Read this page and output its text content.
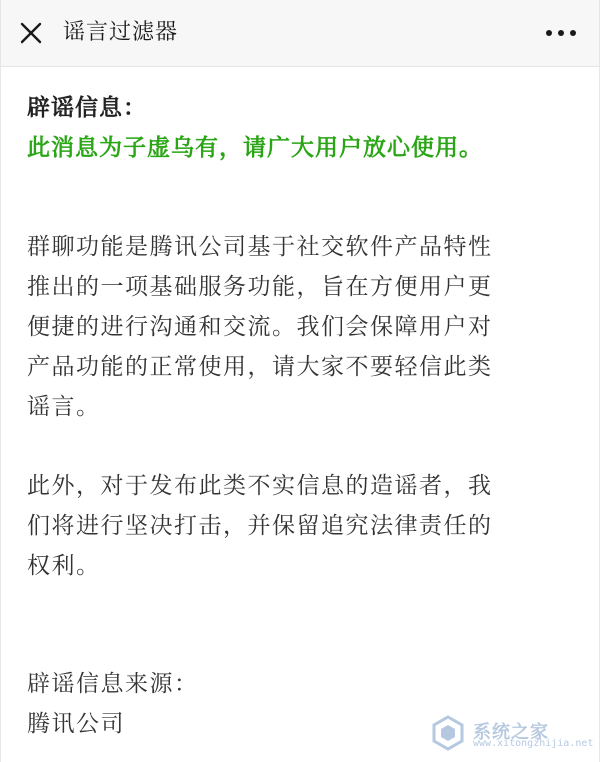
谣言过滤器
辟谣信息：
此消息为子虚乌有，请广大用户放心使用。
群聊功能是腾讯公司基于社交软件产品特性
推出的一项基础服务功能，旨在方便用户更
便捷的进行沟通和交流。我们会保障用户对
产品功能的正常使用，请大家不要轻信此类
谣言。
此外，对于发布此类不实信息的造谣者，我
们将进行坚决打击，并保留追究法律责任的
权利。
辟谣信息来源：
腾讯公司	系统之家
www.xitongzhijia.net
